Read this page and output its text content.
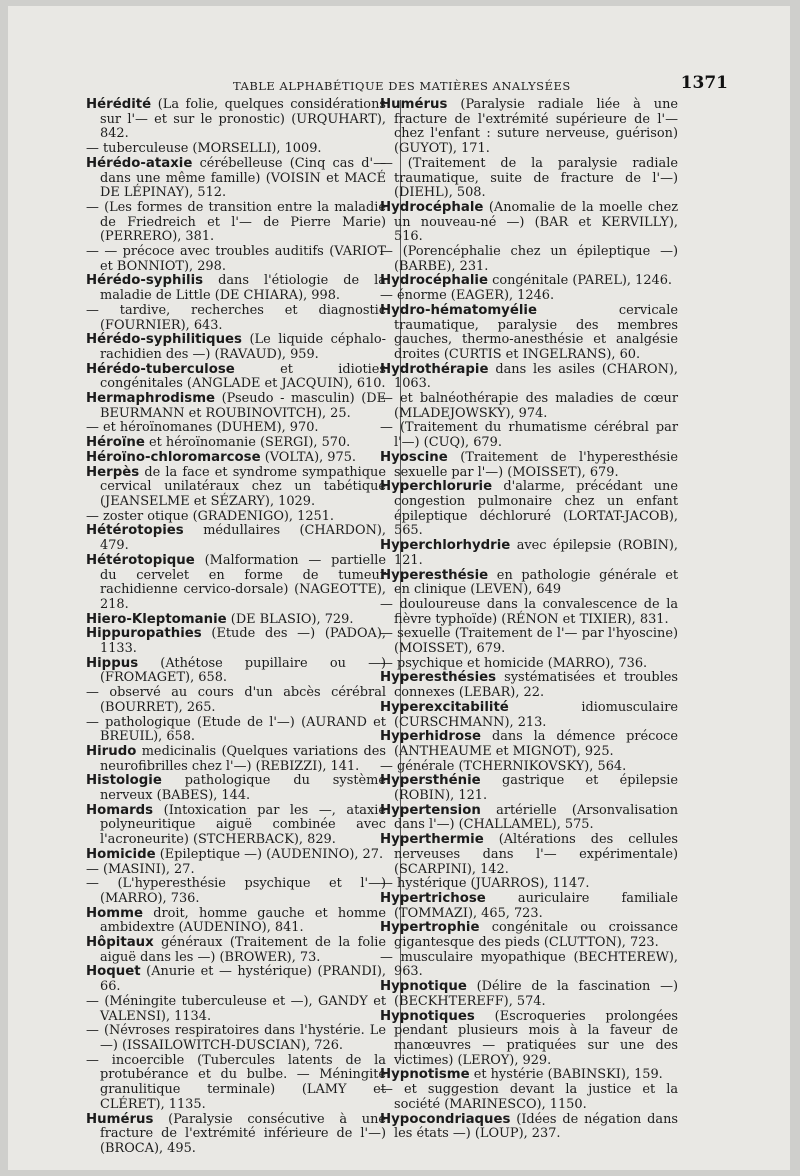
TABLE ALPHABÉTIQUE DES MATIÈRES ANALYSÉES	1371

Hérédité (La folie, quelques considérations sur l'— et sur le pronostic) (URQUHART), 842.

— tuberculeuse (MORSELLI), 1009.

Hérédo-ataxie cérébelleuse (Cinq cas d'— dans une même famille) (VOISIN et MACÉ DE LÉPINAY), 512.

— (Les formes de transition entre la maladie de Friedreich et l'— de Pierre Marie) (PERRERO), 381.

— — précoce avec troubles auditifs (VARIOT et BONNIOT), 298.

Hérédo-syphilis dans l'étiologie de la maladie de Little (DE CHIARA), 998.

— tardive, recherches et diagnostic (FOURNIER), 643.

Hérédo-syphilitiques (Le liquide céphalo-rachidien des —) (RAVAUD), 959.

Hérédo-tuberculose et idioties congénitales (ANGLADE et JACQUIN), 610.

Hermaphrodisme (Pseudo - masculin) (DE BEURMANN et ROUBINOVITCH), 25.

— et héroïnomanes (DUHEM), 970.

Héroïne et héroïnomanie (SERGI), 570.

Héroïno-chloromarcose (VOLTA), 975.

Herpès de la face et syndrome sympathique cervical unilatéraux chez un tabétique (JEANSELME et SÉZARY), 1029.

— zoster otique (GRADENIGO), 1251.

Hétérotopies médullaires (CHARDON), 479.

Hétérotopique (Malformation — partielle du cervelet en forme de tumeur rachidienne cervico-dorsale) (NAGEOTTE), 218.

Hiero-Kleptomanie (DE BLASIO), 729.

Hippuropathies (Etude des —) (PADOA), 1133.

Hippus (Athétose pupillaire ou —) (FROMAGET), 658.

— observé au cours d'un abcès cérébral (BOURRET), 265.

— pathologique (Etude de l'—) (AURAND et BREUIL), 658.

Hirudo medicinalis (Quelques variations des neurofibrilles chez l'—) (REBIZZI), 141.

Histologie pathologique du système nerveux (BABES), 144.

Homards (Intoxication par les —, ataxie polyneuritique aiguë combinée avec l'acroneurite) (STCHERBACK), 829.

Homicide (Epileptique —) (AUDENINO), 27.

— (MASINI), 27.

— (L'hyperesthésie psychique et l'—) (MARRO), 736.

Homme droit, homme gauche et homme ambidextre (AUDENINO), 841.

Hôpitaux généraux (Traitement de la folie aiguë dans les —) (BROWER), 73.

Hoquet (Anurie et — hystérique) (PRANDI), 66.

— (Méningite tuberculeuse et —), GANDY et VALENSI), 1134.

— (Névroses respiratoires dans l'hystérie. Le —) (ISSAILOWITCH-DUSCIAN), 726.

— incoercible (Tubercules latents de la protubérance et du bulbe. — Méningite granulitique terminale) (LAMY et CLÉRET), 1135.

Humérus (Paralysie consécutive à une fracture de l'extrémité inférieure de l'—) (BROCA), 495.

Humérus (Paralysie radiale liée à une fracture de l'extrémité supérieure de l'— chez l'enfant : suture nerveuse, guérison) (GUYOT), 171.

— (Traitement de la paralysie radiale traumatique, suite de fracture de l'—) (DIEHL), 508.

Hydrocéphale (Anomalie de la moelle chez un nouveau-né —) (BAR et KERVILLY), 516.

— (Porencéphalie chez un épileptique —) (BARBE), 231.

Hydrocéphalie congénitale (PAREL), 1246.

— énorme (EAGER), 1246.

Hydro-hématomyélie cervicale traumatique, paralysie des membres gauches, thermo-anesthésie et analgésie droites (CURTIS et INGELRANS), 60.

Hydrothérapie dans les asiles (CHARON), 1063.

— et balnéothérapie des maladies de cœur (MLADEJOWSKY), 974.

— (Traitement du rhumatisme cérébral par l'—) (CUQ), 679.

Hyoscine (Traitement de l'hyperesthésie sexuelle par l'—) (MOISSET), 679.

Hyperchlorurie d'alarme, précédant une congestion pulmonaire chez un enfant épileptique déchloruré (LORTAT-JACOB), 565.

Hyperchlorhydrie avec épilepsie (ROBIN), 121.

Hyperesthésie en pathologie générale et en clinique (LEVEN), 649

— douloureuse dans la convalescence de la fièvre typhoïde) (RÉNON et TIXIER), 831.

— sexuelle (Traitement de l'— par l'hyoscine) (MOISSET), 679.

— psychique et homicide (MARRO), 736.

Hyperesthésies systématisées et troubles connexes (LEBAR), 22.

Hyperexcitabilité idiomusculaire (CURSCHMANN), 213.

Hyperhidrose dans la démence précoce (ANTHEAUME et MIGNOT), 925.

— générale (TCHERNIKOVSKY), 564.

Hypersthénie gastrique et épilepsie (ROBIN), 121.

Hypertension artérielle (Arsonvalisation dans l'—) (CHALLAMEL), 575.

Hyperthermie (Altérations des cellules nerveuses dans l'— expérimentale) (SCARPINI), 142.

— hystérique (JUARROS), 1147.

Hypertrichose auriculaire familiale (TOMMAZI), 465, 723.

Hypertrophie congénitale ou croissance gigantesque des pieds (CLUTTON), 723.

— musculaire myopathique (BECHTEREW), 963.

Hypnotique (Délire de la fascination —) (BECKHTEREFF), 574.

Hypnotiques (Escroqueries prolongées pendant plusieurs mois à la faveur de manœuvres — pratiquées sur une des victimes) (LEROY), 929.

Hypnotisme et hystérie (BABINSKI), 159.

— et suggestion devant la justice et la société (MARINESCO), 1150.

Hypocondriaques (Idées de négation dans les états —) (LOUP), 237.
